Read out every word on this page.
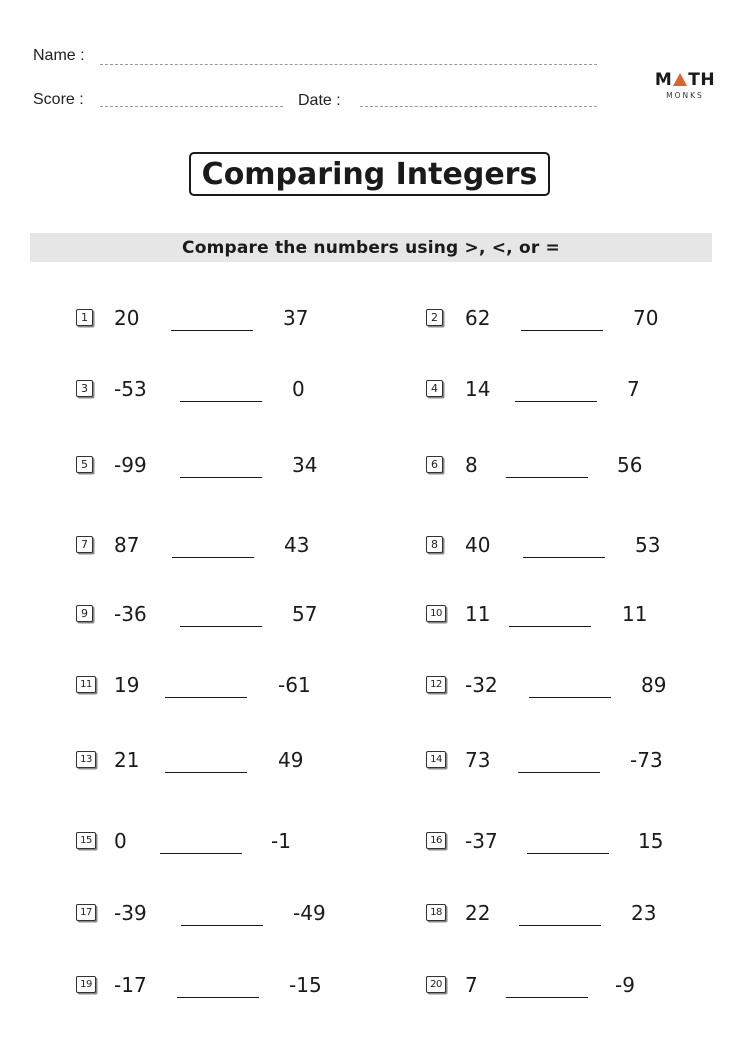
Name :
Score :	Date :
M TH
MONKS
Comparing Integers
Compare the numbers using >, <, or =
1 20	37	2 62	70
3 -53	0	4 14	7
5 -99	34	6 8	56
7 87	43	8 40	53
9 -36	57	10 11	11
11 19	-61	12 -32	89
13 21	49	14 73	-73
15 0	-1	16 -37	15
17 -39	-49	18 22	23
19 -17	-15	20 7	-9
